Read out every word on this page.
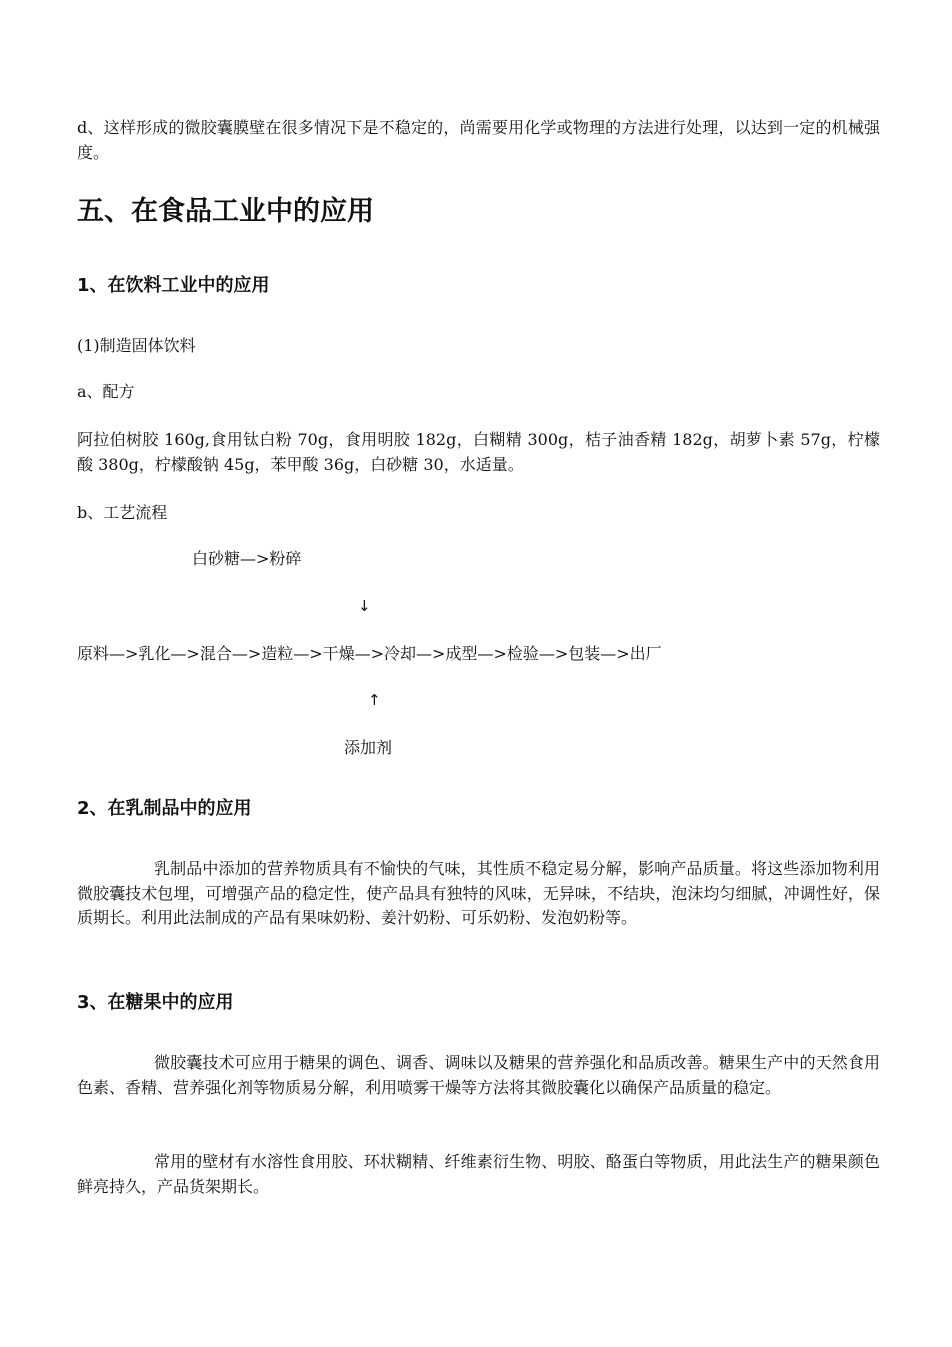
d、这样形成的微胶囊膜壁在很多情况下是不稳定的，尚需要用化学或物理的方法进行处理，以达到一定的机械强度。

五、在食品工业中的应用
1、在饮料工业中的应用

(1)制造固体饮料

a、配方

阿拉伯树胶 160g,食用钛白粉 70g，食用明胶 182g，白糊精 300g，桔子油香精 182g，胡萝卜素 57g，柠檬酸 380g，柠檬酸钠 45g，苯甲酸 36g，白砂糖 30，水适量。

b、工艺流程

白砂糖—>粉碎

↓

原料—>乳化—>混合—>造粒—>干燥—>冷却—>成型—>检验—>包装—>出厂

↑

添加剂

2、在乳制品中的应用

乳制品中添加的营养物质具有不愉快的气味，其性质不稳定易分解，影响产品质量。将这些添加物利用微胶囊技术包埋，可增强产品的稳定性，使产品具有独特的风味，无异味，不结块，泡沫均匀细腻，冲调性好，保质期长。利用此法制成的产品有果味奶粉、姜汁奶粉、可乐奶粉、发泡奶粉等。

3、在糖果中的应用

微胶囊技术可应用于糖果的调色、调香、调味以及糖果的营养强化和品质改善。糖果生产中的天然食用色素、香精、营养强化剂等物质易分解，利用喷雾干燥等方法将其微胶囊化以确保产品质量的稳定。

常用的壁材有水溶性食用胶、环状糊精、纤维素衍生物、明胶、酪蛋白等物质，用此法生产的糖果颜色鲜亮持久，产品货架期长。
